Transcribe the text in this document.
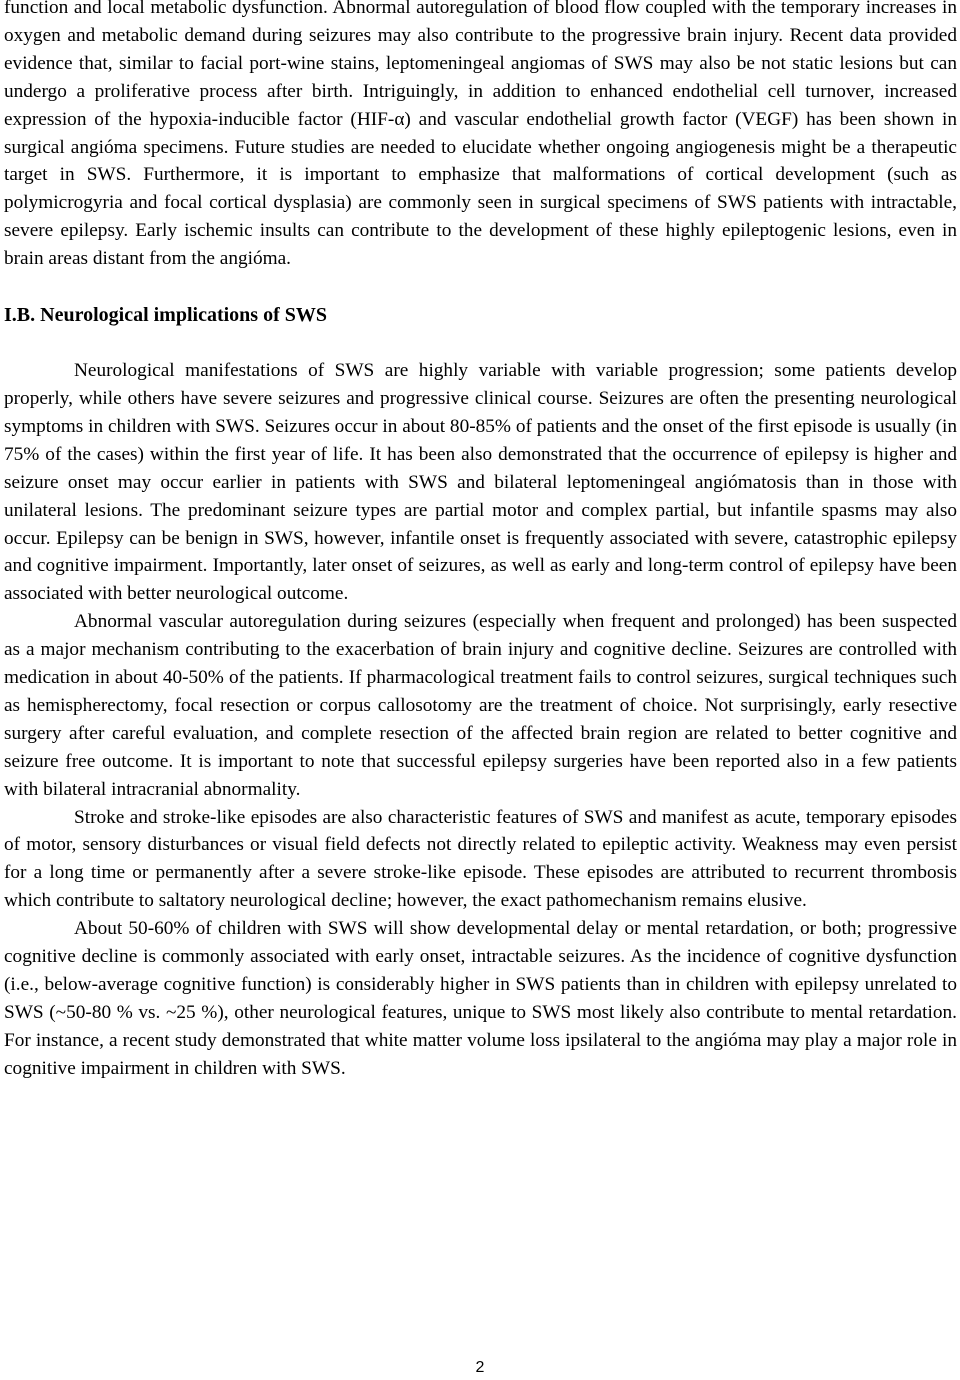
function and local metabolic dysfunction. Abnormal autoregulation of blood flow coupled with the temporary increases in oxygen and metabolic demand during seizures may also contribute to the progressive brain injury. Recent data provided evidence that, similar to facial port-wine stains, leptomeningeal angiomas of SWS may also be not static lesions but can undergo a proliferative process after birth. Intriguingly, in addition to enhanced endothelial cell turnover, increased expression of the hypoxia-inducible factor (HIF-α) and vascular endothelial growth factor (VEGF) has been shown in surgical angióma specimens. Future studies are needed to elucidate whether ongoing angiogenesis might be a therapeutic target in SWS. Furthermore, it is important to emphasize that malformations of cortical development (such as polymicrogyria and focal cortical dysplasia) are commonly seen in surgical specimens of SWS patients with intractable, severe epilepsy. Early ischemic insults can contribute to the development of these highly epileptogenic lesions, even in brain areas distant from the angióma.

I.B. Neurological implications of SWS

Neurological manifestations of SWS are highly variable with variable progression; some patients develop properly, while others have severe seizures and progressive clinical course. Seizures are often the presenting neurological symptoms in children with SWS. Seizures occur in about 80-85% of patients and the onset of the first episode is usually (in 75% of the cases) within the first year of life. It has been also demonstrated that the occurrence of epilepsy is higher and seizure onset may occur earlier in patients with SWS and bilateral leptomeningeal angiómatosis than in those with unilateral lesions. The predominant seizure types are partial motor and complex partial, but infantile spasms may also occur. Epilepsy can be benign in SWS, however, infantile onset is frequently associated with severe, catastrophic epilepsy and cognitive impairment. Importantly, later onset of seizures, as well as early and long-term control of epilepsy have been associated with better neurological outcome.

Abnormal vascular autoregulation during seizures (especially when frequent and prolonged) has been suspected as a major mechanism contributing to the exacerbation of brain injury and cognitive decline. Seizures are controlled with medication in about 40-50% of the patients. If pharmacological treatment fails to control seizures, surgical techniques such as hemispherectomy, focal resection or corpus callosotomy are the treatment of choice. Not surprisingly, early resective surgery after careful evaluation, and complete resection of the affected brain region are related to better cognitive and seizure free outcome. It is important to note that successful epilepsy surgeries have been reported also in a few patients with bilateral intracranial abnormality.

Stroke and stroke-like episodes are also characteristic features of SWS and manifest as acute, temporary episodes of motor, sensory disturbances or visual field defects not directly related to epileptic activity. Weakness may even persist for a long time or permanently after a severe stroke-like episode. These episodes are attributed to recurrent thrombosis which contribute to saltatory neurological decline; however, the exact pathomechanism remains elusive.

About 50-60% of children with SWS will show developmental delay or mental retardation, or both; progressive cognitive decline is commonly associated with early onset, intractable seizures. As the incidence of cognitive dysfunction (i.e., below-average cognitive function) is considerably higher in SWS patients than in children with epilepsy unrelated to SWS (~50-80 % vs. ~25 %), other neurological features, unique to SWS most likely also contribute to mental retardation. For instance, a recent study demonstrated that white matter volume loss ipsilateral to the angióma may play a major role in cognitive impairment in children with SWS.

2
